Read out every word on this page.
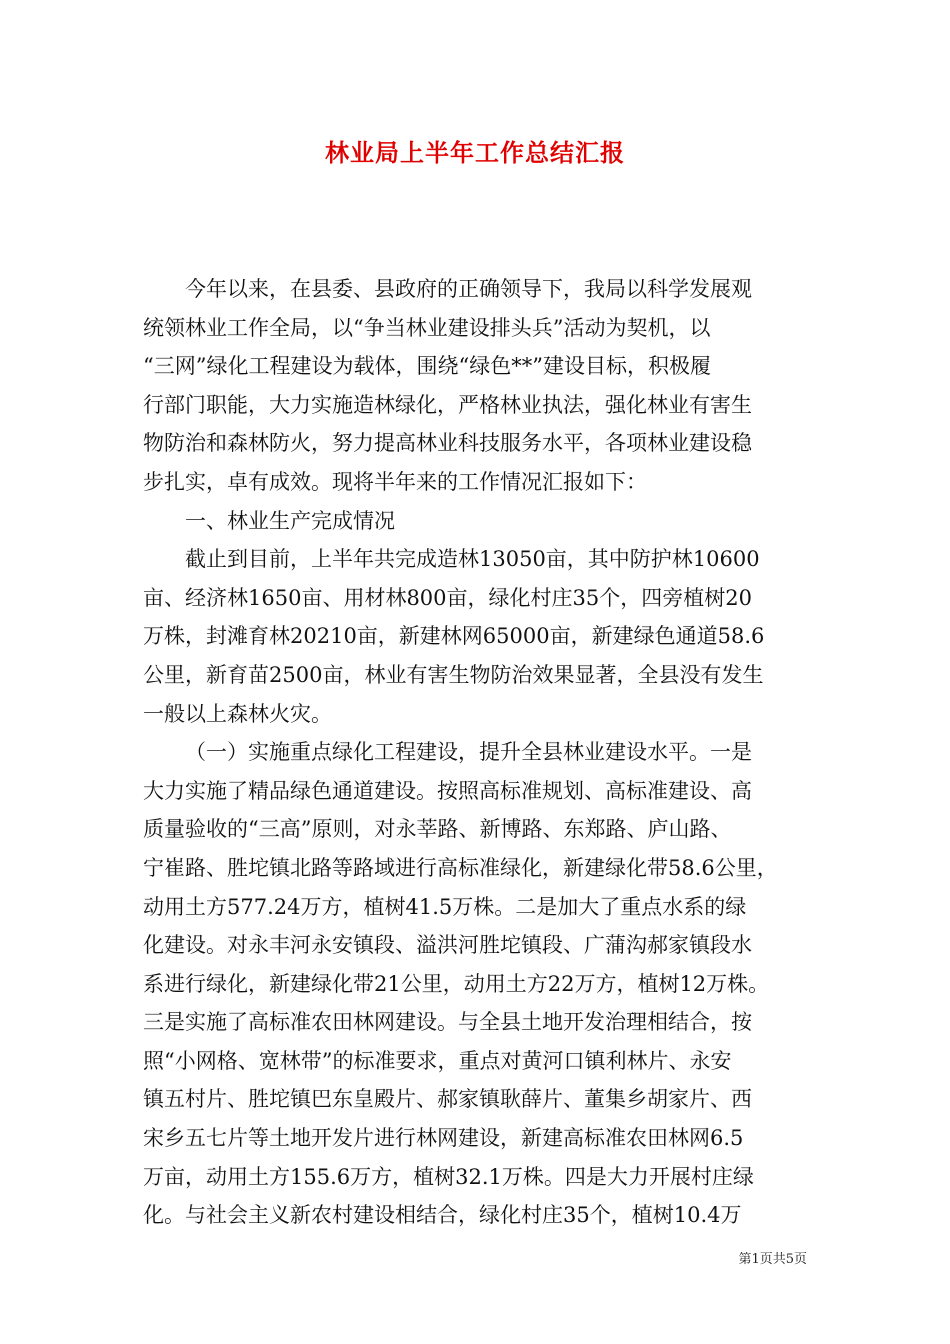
林业局上半年工作总结汇报
今年以来，在县委、县政府的正确领导下，我局以科学发展观
统领林业工作全局，以“争当林业建设排头兵”活动为契机，以
“三网”绿化工程建设为载体，围绕“绿色**”建设目标，积极履
行部门职能，大力实施造林绿化，严格林业执法，强化林业有害生
物防治和森林防火，努力提高林业科技服务水平，各项林业建设稳
步扎实，卓有成效。现将半年来的工作情况汇报如下：
一、林业生产完成情况
截止到目前，上半年共完成造林13050亩，其中防护林10600
亩、经济林1650亩、用材林800亩，绿化村庄35个，四旁植树20
万株，封滩育林20210亩，新建林网65000亩，新建绿色通道58.6
公里，新育苗2500亩，林业有害生物防治效果显著，全县没有发生
一般以上森林火灾。
（一）实施重点绿化工程建设，提升全县林业建设水平。一是
大力实施了精品绿色通道建设。按照高标准规划、高标准建设、高
质量验收的“三高”原则，对永莘路、新博路、东郑路、庐山路、
宁崔路、胜坨镇北路等路域进行高标准绿化，新建绿化带58.6公里，
动用土方577.24万方，植树41.5万株。二是加大了重点水系的绿
化建设。对永丰河永安镇段、溢洪河胜坨镇段、广蒲沟郝家镇段水
系进行绿化，新建绿化带21公里，动用土方22万方，植树12万株。
三是实施了高标准农田林网建设。与全县土地开发治理相结合，按
照“小网格、宽林带”的标准要求，重点对黄河口镇利林片、永安
镇五村片、胜坨镇巴东皇殿片、郝家镇耿薛片、董集乡胡家片、西
宋乡五七片等土地开发片进行林网建设，新建高标准农田林网6.5
万亩，动用土方155.6万方，植树32.1万株。四是大力开展村庄绿
化。与社会主义新农村建设相结合，绿化村庄35个，植树10.4万
第1页共5页
